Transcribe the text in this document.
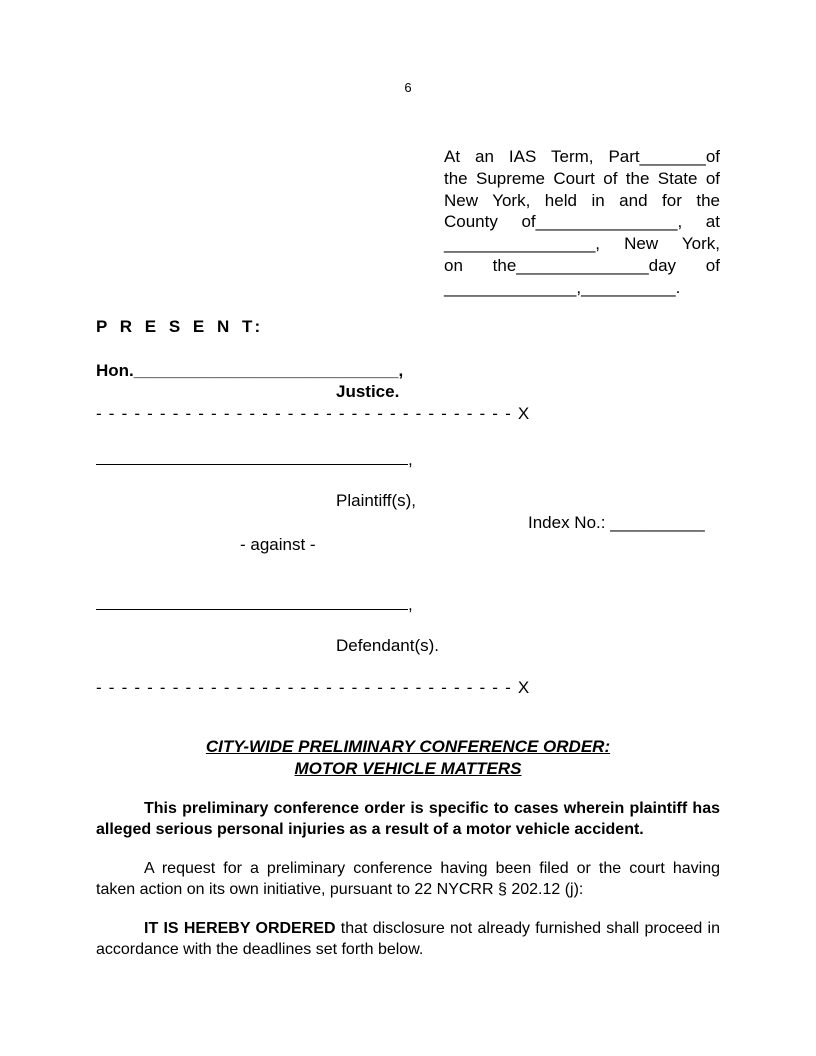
6
At an IAS Term, Part_______of
the Supreme Court of the State of
New York, held in and for the
County of_______________, at
________________, New York,
on the______________day of
______________,__________.
P R E S E N T:
Hon.____________________________,
Justice.
- - - - - - - - - - - - - - - - - - - - - - - - - - - - - - - - - X
,
Plaintiff(s),
Index No.: __________
- against -
,
Defendant(s).
- - - - - - - - - - - - - - - - - - - - - - - - - - - - - - - - - X
CITY-WIDE PRELIMINARY CONFERENCE ORDER:
MOTOR VEHICLE MATTERS
This preliminary conference order is specific to cases wherein plaintiff has alleged serious personal injuries as a result of a motor vehicle accident.
A request for a preliminary conference having been filed or the court having taken action on its own initiative, pursuant to 22 NYCRR § 202.12 (j):
IT IS HEREBY ORDERED that disclosure not already furnished shall proceed in accordance with the deadlines set forth below.
